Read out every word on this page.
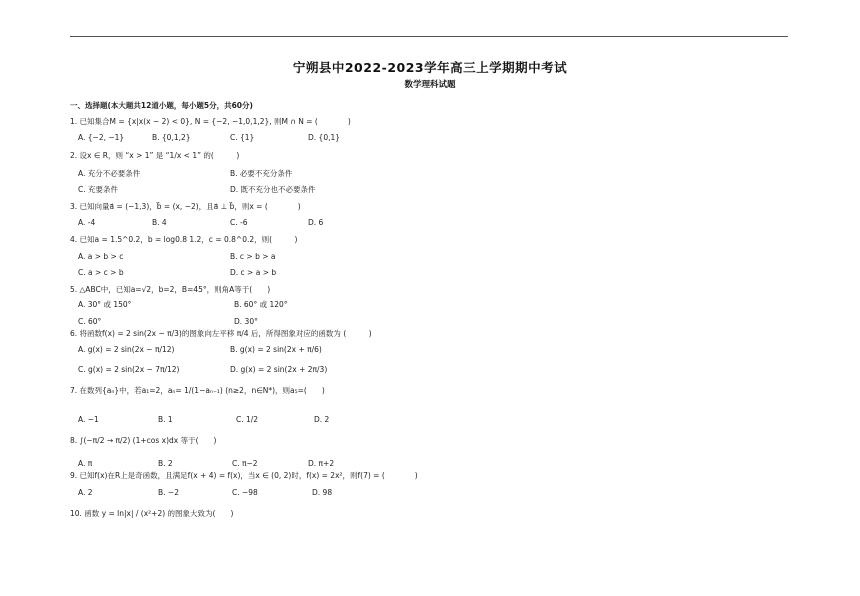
宁朔县中2022-2023学年高三上学期期中考试
数学理科试题
一、选择题(本大题共12道小题，每小题5分，共60分)
1. 已知集合M = {x|x(x − 2) < 0}, N = {−2, −1,0,1,2}, 则M ∩ N = (　　　　)
A. {−2, −1}	B. {0,1,2}	C. {1}	D. {0,1}
2. 设x ∈ R，则 “x > 1” 是 “1/x < 1” 的(　　　)
A. 充分不必要条件	B. 必要不充分条件
C. 充要条件	D. 既不充分也不必要条件
3. 已知向量a⃗ = (−1,3)，b⃗ = (x, −2)，且a⃗ ⊥ b⃗，则x = (　　　　)
A. -4	B. 4	C. -6	D. 6
4. 已知a = 1.5^0.2，b = log0.8 1.2，c = 0.8^0.2，则(　　　)
A. a > b > c	B. c > b > a
C. a > c > b	D. c > a > b
5. △ABC中，已知a=√2，b=2，B=45°，则角A等于(　　)
A. 30° 或 150°	B. 60° 或 120°
C. 60°	D. 30°
6. 将函数f(x) = 2 sin(2x − π/3)的图象向左平移 π/4 后，所得图象对应的函数为 (　　　)
A. g(x) = 2 sin(2x − π/12)	B. g(x) = 2 sin(2x + π/6)
C. g(x) = 2 sin(2x − 7π/12)	D. g(x) = 2 sin(2x + 2π/3)
7. 在数列{aₙ}中，若a₁=2，aₙ= 1/(1−aₙ₋₁) (n≥2，n∈N*)，则a₅=(　　)
A. −1	B. 1	C. 1/2	D. 2
8. ∫(−π/2 → π/2) (1+cos x)dx 等于(　　)
A. π	B. 2	C. π−2	D. π+2
9. 已知f(x)在R上是奇函数，且满足f(x + 4) = f(x)，当x ∈ (0, 2)时，f(x) = 2x²，则f(7) = (　　　　)
A. 2	B. −2	C. −98	D. 98
10. 函数 y = ln|x| / (x²+2) 的图象大致为(　　)
